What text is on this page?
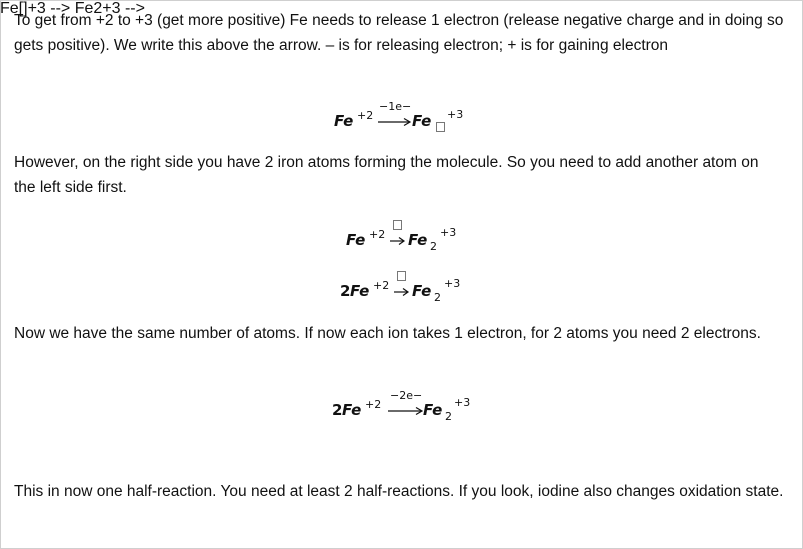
To get from +2 to +3 (get more positive) Fe needs to release 1 electron (release negative charge and in doing so gets positive). We write this above the arrow. – is for releasing electron; + is for gaining electron

Fe[]+3 -->
Fe +2
−1e−
Fe +3

However, on the right side you have 2 iron atoms forming the molecule. So you need to add another atom on the left side first.

Fe +2 Fe 2
+3
2 Fe +2 Fe 2
+3

Now we have the same number of atoms. If now each ion takes 1 electron, for 2 atoms you need 2 electrons.

Fe2+3 -->
2 Fe +2
−2e−
Fe 2
+3

This in now one half-reaction. You need at least 2 half-reactions. If you look, iodine also changes oxidation state.
